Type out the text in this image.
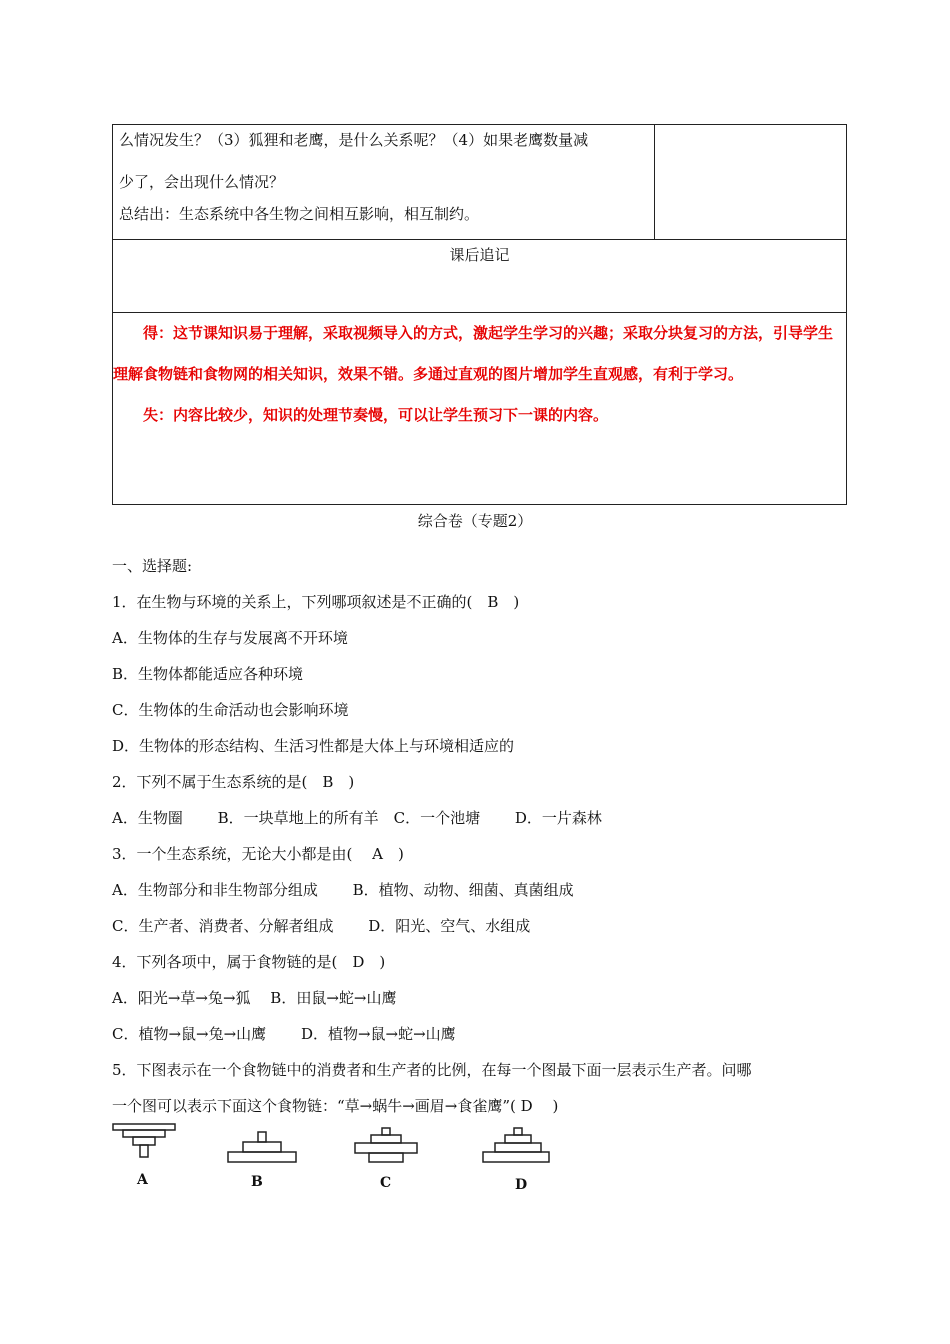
么情况发生？（3）狐狸和老鹰，是什么关系呢？（4）如果老鹰数量减

少了，会出现什么情况？

总结出：生态系统中各生物之间相互影响，相互制约。

课后追记

得：这节课知识易于理解，采取视频导入的方式，激起学生学习的兴趣；采取分块复习的方法，引导学生理解食物链和食物网的相关知识，效果不错。多通过直观的图片增加学生直观感，有利于学习。

失：内容比较少，知识的处理节奏慢，可以让学生预习下一课的内容。

综合卷（专题2）

一、选择题:

1．在生物与环境的关系上，下列哪项叙述是不正确的(　B　)

A．生物体的生存与发展离不开环境

B．生物体都能适应各种环境

C．生物体的生命活动也会影响环境

D．生物体的形态结构、生活习性都是大体上与环境相适应的

2．下列不属于生态系统的是(　B　)

A．生物圈　　 B．一块草地上的所有羊　C．一个池塘　　 D．一片森林

3．一个生态系统，无论大小都是由(　 A　)

A．生物部分和非生物部分组成　　 B．植物、动物、细菌、真菌组成

C．生产者、消费者、分解者组成　　 D．阳光、空气、水组成

4．下列各项中，属于食物链的是(　D　)

A．阳光→草→兔→狐　 B．田鼠→蛇→山鹰

C．植物→鼠→兔→山鹰　　 D．植物→鼠→蛇→山鹰

5．下图表示在一个食物链中的消费者和生产者的比例，在每一个图最下面一层表示生产者。问哪

一个图可以表示下面这个食物链：“草→蜗牛→画眉→食雀鹰”( D　 )

A	B	C	D
